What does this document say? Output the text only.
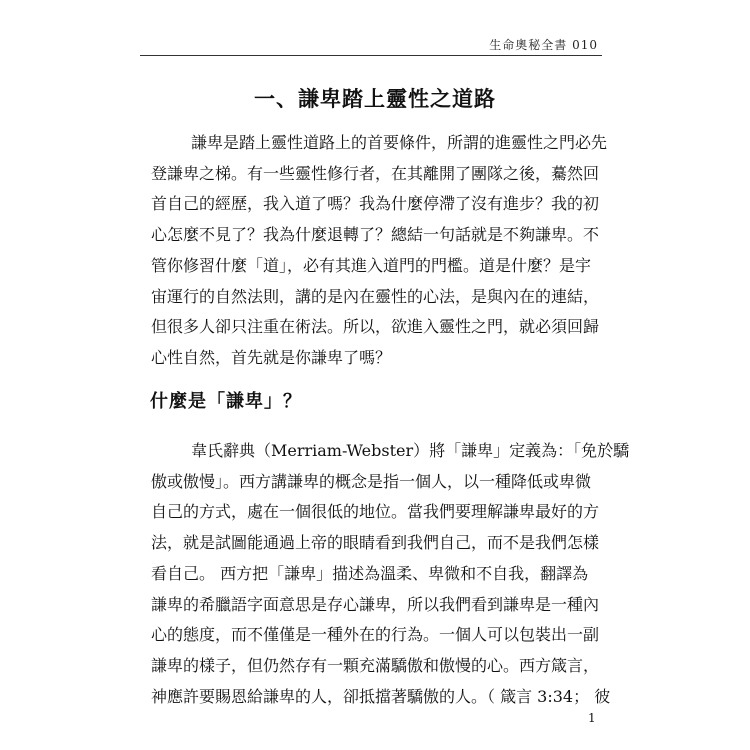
生命奧秘全書 010
一、謙卑踏上靈性之道路

謙卑是踏上靈性道路上的首要條件，所謂的進靈性之門必先
登謙卑之梯。有一些靈性修行者，在其離開了團隊之後，驀然回
首自己的經歷，我入道了嗎？我為什麼停滯了沒有進步？我的初
心怎麼不見了？我為什麼退轉了？總結一句話就是不夠謙卑。不
管你修習什麼「道」，必有其進入道門的門檻。道是什麼？是宇
宙運行的自然法則，講的是內在靈性的心法，是與內在的連結，
但很多人卻只注重在術法。所以，欲進入靈性之門，就必須回歸
心性自然，首先就是你謙卑了嗎？

什麼是「謙卑」？

韋氏辭典（Merriam-Webster）將「謙卑」定義為：「免於驕
傲或傲慢」。西方講謙卑的概念是指一個人，以一種降低或卑微
自己的方式，處在一個很低的地位。當我們要理解謙卑最好的方
法，就是試圖能通過上帝的眼睛看到我們自己，而不是我們怎樣
看自己。 西方把「謙卑」描述為溫柔、卑微和不自我，翻譯為
謙卑的希臘語字面意思是存心謙卑，所以我們看到謙卑是一種內
心的態度，而不僅僅是一種外在的行為。一個人可以包裝出一副
謙卑的樣子，但仍然存有一顆充滿驕傲和傲慢的心。西方箴言，
神應許要賜恩給謙卑的人，卻抵擋著驕傲的人。（ 箴言 3:34； 彼

1
